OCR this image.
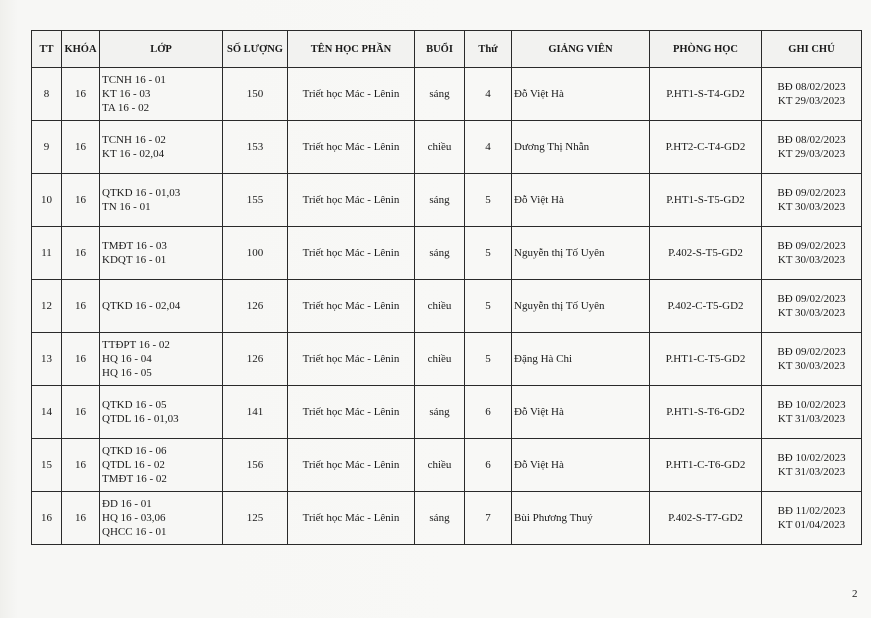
TT	KHÓA	LỚP	SỐ LƯỢNG	TÊN HỌC PHẦN	BUỔI	Thứ	GIẢNG VIÊN	PHÒNG HỌC	GHI CHÚ
8	16	TCNH 16 - 01
KT 16 - 03
TA 16 - 02	150	Triết học Mác - Lênin	sáng	4	Đỗ Việt Hà	P.HT1-S-T4-GD2	BĐ 08/02/2023
KT 29/03/2023

9	16	TCNH 16 - 02
KT 16 - 02,04	153	Triết học Mác - Lênin	chiều	4	Dương Thị Nhẫn	P.HT2-C-T4-GD2	BĐ 08/02/2023
KT 29/03/2023

10	16	QTKD 16 - 01,03
TN 16 - 01	155	Triết học Mác - Lênin	sáng	5	Đỗ Việt Hà	P.HT1-S-T5-GD2	BĐ 09/02/2023
KT 30/03/2023

11	16	TMĐT 16 - 03
KDQT 16 - 01	100	Triết học Mác - Lênin	sáng	5	Nguyễn thị Tố Uyên	P.402-S-T5-GD2	BĐ 09/02/2023
KT 30/03/2023

12	16	QTKD 16 - 02,04	126	Triết học Mác - Lênin	chiều	5	Nguyễn thị Tố Uyên	P.402-C-T5-GD2	BĐ 09/02/2023
KT 30/03/2023

13	16	TTĐPT 16 - 02
HQ 16 - 04
HQ 16 - 05	126	Triết học Mác - Lênin	chiều	5	Đặng Hà Chi	P.HT1-C-T5-GD2	BĐ 09/02/2023
KT 30/03/2023

14	16	QTKD 16 - 05
QTDL 16 - 01,03	141	Triết học Mác - Lênin	sáng	6	Đỗ Việt Hà	P.HT1-S-T6-GD2	BĐ 10/02/2023
KT 31/03/2023

15	16	QTKD 16 - 06
QTDL 16 - 02
TMĐT 16 - 02	156	Triết học Mác - Lênin	chiều	6	Đỗ Việt Hà	P.HT1-C-T6-GD2	BĐ 10/02/2023
KT 31/03/2023

16	16	ĐD 16 - 01
HQ 16 - 03,06
QHCC 16 - 01	125	Triết học Mác - Lênin	sáng	7	Bùi Phương Thuý	P.402-S-T7-GD2	BĐ 11/02/2023
KT 01/04/2023
2
